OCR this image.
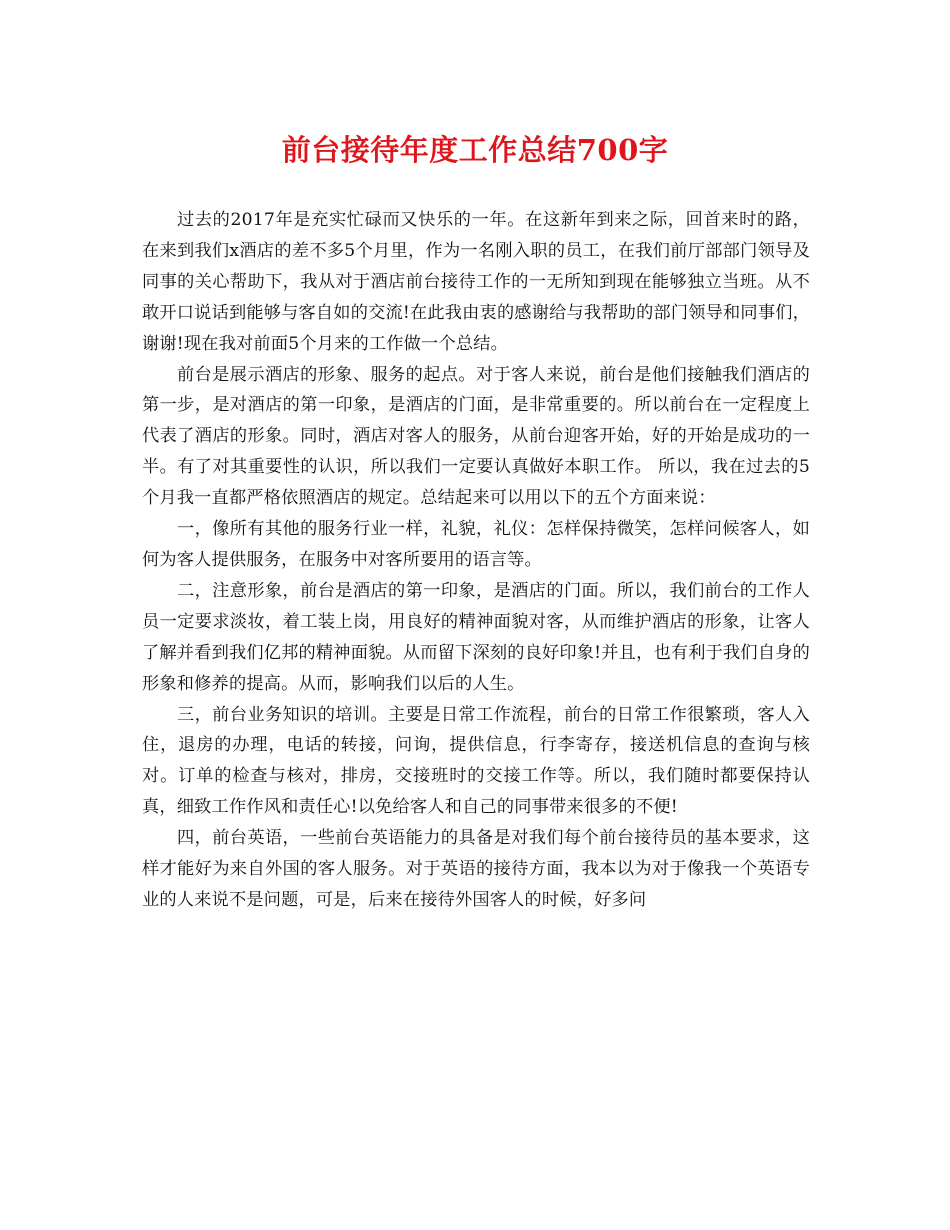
前台接待年度工作总结700字

过去的2017年是充实忙碌而又快乐的一年。在这新年到来之际，回首来时的路，在来到我们x酒店的差不多5个月里，作为一名刚入职的员工，在我们前厅部部门领导及同事的关心帮助下，我从对于酒店前台接待工作的一无所知到现在能够独立当班。从不敢开口说话到能够与客自如的交流!在此我由衷的感谢给与我帮助的部门领导和同事们，谢谢!现在我对前面5个月来的工作做一个总结。

前台是展示酒店的形象、服务的起点。对于客人来说，前台是他们接触我们酒店的第一步，是对酒店的第一印象，是酒店的门面，是非常重要的。所以前台在一定程度上代表了酒店的形象。同时，酒店对客人的服务，从前台迎客开始，好的开始是成功的一半。有了对其重要性的认识，所以我们一定要认真做好本职工作。 所以，我在过去的5个月我一直都严格依照酒店的规定。总结起来可以用以下的五个方面来说：

一，像所有其他的服务行业一样，礼貌，礼仪：怎样保持微笑，怎样问候客人，如何为客人提供服务，在服务中对客所要用的语言等。

二，注意形象，前台是酒店的第一印象，是酒店的门面。所以，我们前台的工作人员一定要求淡妆，着工装上岗，用良好的精神面貌对客，从而维护酒店的形象，让客人了解并看到我们亿邦的精神面貌。从而留下深刻的良好印象!并且，也有利于我们自身的形象和修养的提高。从而，影响我们以后的人生。

三，前台业务知识的培训。主要是日常工作流程，前台的日常工作很繁琐，客人入住，退房的办理，电话的转接，问询，提供信息，行李寄存，接送机信息的查询与核对。订单的检查与核对，排房，交接班时的交接工作等。所以，我们随时都要保持认真，细致工作作风和责任心!以免给客人和自己的同事带来很多的不便!

四，前台英语，一些前台英语能力的具备是对我们每个前台接待员的基本要求，这样才能好为来自外国的客人服务。对于英语的接待方面，我本以为对于像我一个英语专业的人来说不是问题，可是，后来在接待外国客人的时候，好多问
